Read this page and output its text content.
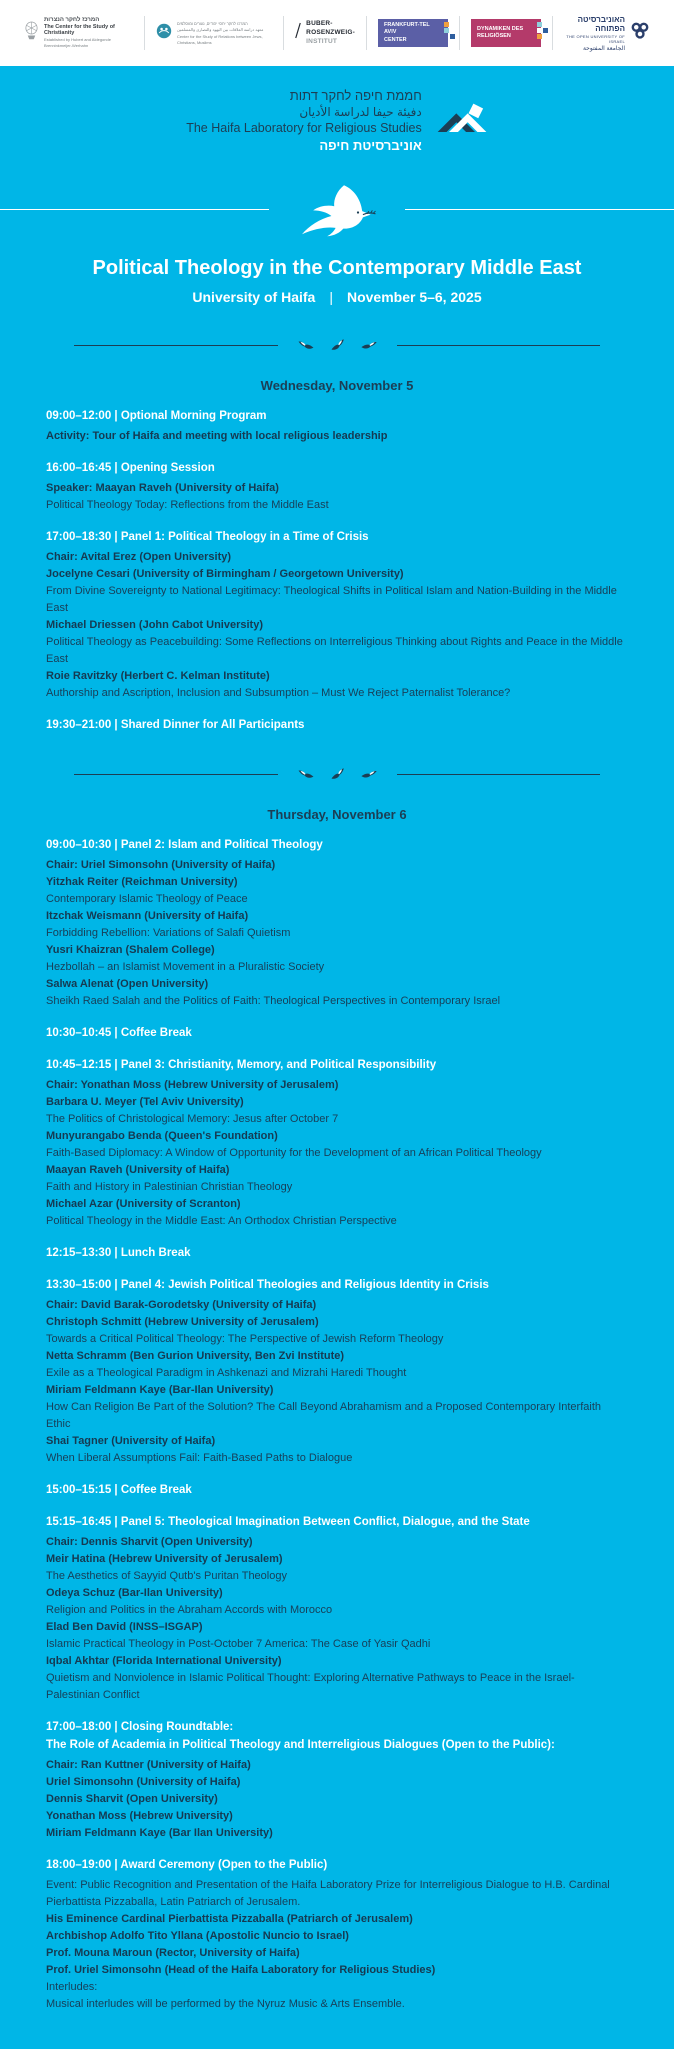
המרכז לחקר הנצרות
The Center for the Study of Christianity
Established by Hubert and Aldegonde Brenninkmeijer-Werhahn
המרכז לחקר יחסי יהודים, נוצרים ומוסלמים
معهد دراسة العلاقات بين اليهود والنصارى والمسلمين
Center for the Study of Relations between Jews, Christians, Muslims
BUBER-
ROSENZWEIG-
INSTITUT
FRANKFURT-TEL AVIV
CENTER
DYNAMIKEN DES
RELIGIÖSEN
האוניברסיטה הפתוחה
THE OPEN UNIVERSITY OF ISRAEL
الجامعة المفتوحة
חממת חיפה לחקר דתות
دفيئة حيفا لدراسة الأديان
The Haifa Laboratory for Religious Studies
אוניברסיטת חיפה
Political Theology in the Contemporary Middle East
University of Haifa | November 5–6, 2025
Wednesday, November 5
09:00–12:00 | Optional Morning Program
Activity: Tour of Haifa and meeting with local religious leadership
16:00–16:45 | Opening Session
Speaker: Maayan Raveh (University of Haifa)
Political Theology Today: Reflections from the Middle East
17:00–18:30 | Panel 1: Political Theology in a Time of Crisis
Chair: Avital Erez (Open University)
Jocelyne Cesari (University of Birmingham / Georgetown University)
From Divine Sovereignty to National Legitimacy: Theological Shifts in Political Islam and Nation-Building in the Middle East
Michael Driessen (John Cabot University)
Political Theology as Peacebuilding: Some Reflections on Interreligious Thinking about Rights and Peace in the Middle East
Roie Ravitzky (Herbert C. Kelman Institute)
Authorship and Ascription, Inclusion and Subsumption – Must We Reject Paternalist Tolerance?
19:30–21:00 | Shared Dinner for All Participants
Thursday, November 6
09:00–10:30 | Panel 2: Islam and Political Theology
Chair: Uriel Simonsohn (University of Haifa)
Yitzhak Reiter (Reichman University)
Contemporary Islamic Theology of Peace
Itzchak Weismann (University of Haifa)
Forbidding Rebellion: Variations of Salafi Quietism
Yusri Khaizran (Shalem College)
Hezbollah – an Islamist Movement in a Pluralistic Society
Salwa Alenat (Open University)
Sheikh Raed Salah and the Politics of Faith: Theological Perspectives in Contemporary Israel
10:30–10:45 | Coffee Break
10:45–12:15 | Panel 3: Christianity, Memory, and Political Responsibility
Chair: Yonathan Moss (Hebrew University of Jerusalem)
Barbara U. Meyer (Tel Aviv University)
The Politics of Christological Memory: Jesus after October 7
Munyurangabo Benda (Queen's Foundation)
Faith-Based Diplomacy: A Window of Opportunity for the Development of an African Political Theology
Maayan Raveh (University of Haifa)
Faith and History in Palestinian Christian Theology
Michael Azar (University of Scranton)
Political Theology in the Middle East: An Orthodox Christian Perspective
12:15–13:30 | Lunch Break
13:30–15:00 | Panel 4: Jewish Political Theologies and Religious Identity in Crisis
Chair: David Barak-Gorodetsky (University of Haifa)
Christoph Schmitt (Hebrew University of Jerusalem)
Towards a Critical Political Theology: The Perspective of Jewish Reform Theology
Netta Schramm (Ben Gurion University, Ben Zvi Institute)
Exile as a Theological Paradigm in Ashkenazi and Mizrahi Haredi Thought
Miriam Feldmann Kaye (Bar-Ilan University)
How Can Religion Be Part of the Solution? The Call Beyond Abrahamism and a Proposed Contemporary Interfaith Ethic
Shai Tagner (University of Haifa)
When Liberal Assumptions Fail: Faith-Based Paths to Dialogue
15:00–15:15 | Coffee Break
15:15–16:45 | Panel 5: Theological Imagination Between Conflict, Dialogue, and the State
Chair: Dennis Sharvit (Open University)
Meir Hatina (Hebrew University of Jerusalem)
The Aesthetics of Sayyid Qutb's Puritan Theology
Odeya Schuz (Bar-Ilan University)
Religion and Politics in the Abraham Accords with Morocco
Elad Ben David (INSS–ISGAP)
Islamic Practical Theology in Post-October 7 America: The Case of Yasir Qadhi
Iqbal Akhtar (Florida International University)
Quietism and Nonviolence in Islamic Political Thought: Exploring Alternative Pathways to Peace in the Israel-Palestinian Conflict
17:00–18:00 | Closing Roundtable:
The Role of Academia in Political Theology and Interreligious Dialogues (Open to the Public):
Chair: Ran Kuttner (University of Haifa)
Uriel Simonsohn (University of Haifa)
Dennis Sharvit (Open University)
Yonathan Moss (Hebrew University)
Miriam Feldmann Kaye (Bar Ilan University)
18:00–19:00 | Award Ceremony (Open to the Public)
Event: Public Recognition and Presentation of the Haifa Laboratory Prize for Interreligious Dialogue to H.B. Cardinal Pierbattista Pizzaballa, Latin Patriarch of Jerusalem.
His Eminence Cardinal Pierbattista Pizzaballa (Patriarch of Jerusalem)
Archbishop Adolfo Tito Yllana (Apostolic Nuncio to Israel)
Prof. Mouna Maroun (Rector, University of Haifa)
Prof. Uriel Simonsohn (Head of the Haifa Laboratory for Religious Studies)
Interludes:
Musical interludes will be performed by the Nyruz Music & Arts Ensemble.
